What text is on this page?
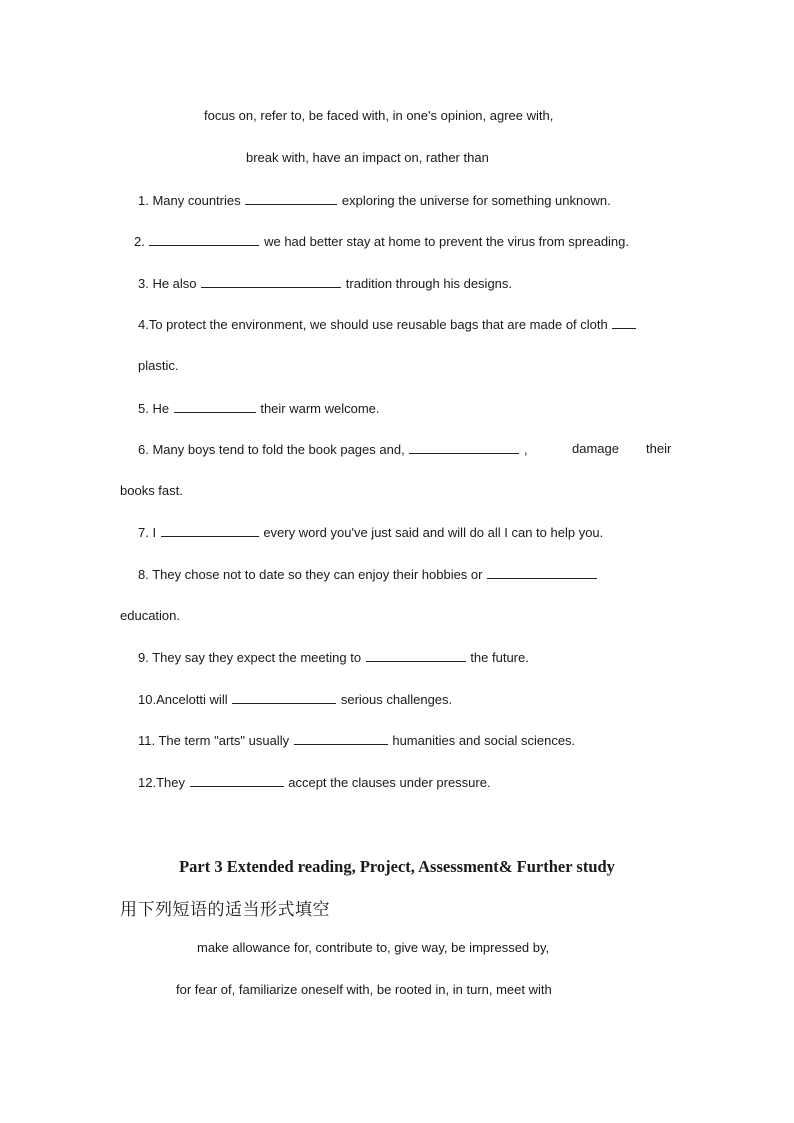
focus on, refer to, be faced with, in one's opinion, agree with,
break with, have an impact on, rather than
1. Many countries	exploring the universe for something unknown.
2.	we had better stay at home to prevent the virus from spreading.
3. He also	tradition through his designs.
4.To protect the environment, we should use reusable bags that are made of cloth
plastic.
5. He	their warm welcome.
6. Many boys tend to fold the book pages and,	,	damage their
books fast.
7. I	every word you've just said and will do all I can to help you.
8. They chose not to date so they can enjoy their hobbies or
education.
9. They say they expect the meeting to	the future.
10.Ancelotti will	serious challenges.
11. The term "arts" usually	humanities and social sciences.
12.They	accept the clauses under pressure.
Part 3 Extended reading, Project, Assessment& Further study
用下列短语的适当形式填空
make allowance for, contribute to, give way, be impressed by,
for fear of, familiarize oneself with, be rooted in, in turn, meet with
